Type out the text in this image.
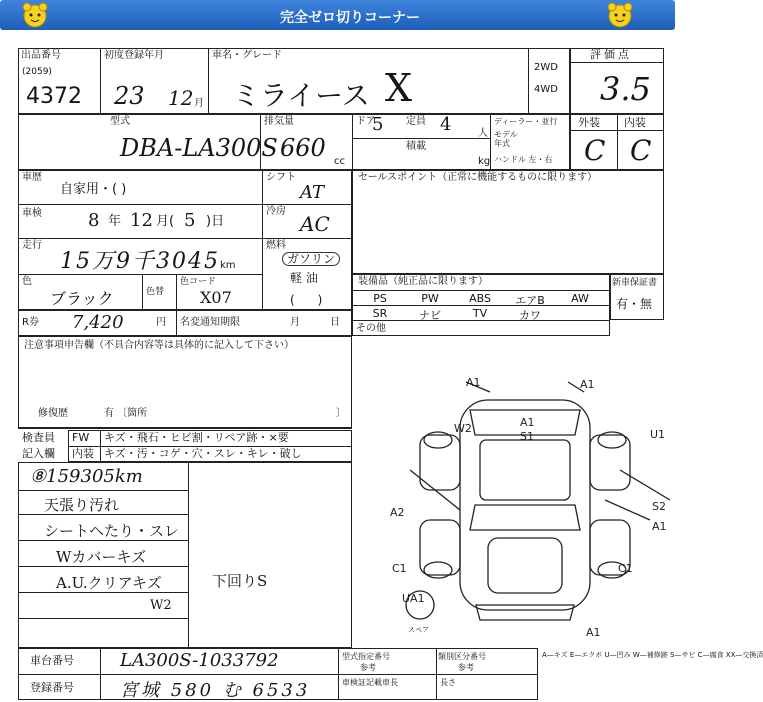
完全ゼロ切りコーナー
出品番号
(2059)
4372
初度登録年月
23 12 月
車名・グレード
ミライース X	2WD
4WD
評価点
3.5
型式
DBA-LA300S
排気量
660 cc
ドア
5 定員 4	人
積載
kg
ディーラー・並行
モデル 年式
ハンドル 左・右
外装 内装
C C
車歴
自家用・( )
シフト
AT
車検	8 年 12 月( 5 )日
冷房
AC
走行
15万9千3045 km
燃料
ガソリン
軽 油
(      )
色
ブラック	色替
色コード
X07
R券 7,420	円 名変通知期限	月	日
セールスポイント（正常に機能するものに限ります）
装備品（純正品に限ります）
PS	PW	ABS	エアB	AW
SR	ナビ	TV	カワ
その他
新車保証書
有・無
注意事項申告欄（不具合内容等は具体的に記入して下さい）
修復歴	有 〔箇所	〕
検査員
記入欄
FW キズ・飛石・ヒビ割・リペア跡・×要
内装 キズ・汚・コゲ・穴・スレ・キレ・破し
⑧159305km
天張り汚れ
シートヘたり・スレ
Wカバーキズ
A.U.クリアキズ
W2
下回りS
車台番号	LA300S-1033792
登録番号	宮城 580 む 6533
型式指定番号
参考
車検証記載車長
類別区分番号
参考
長さ
A1	A1
A1
S1
W2	U1
A2	S2
A1
C1	C1
UA1
A1
スペア
A—キズ E—エクボ U—凹み W—補修跡 S—サビ C—腐食 XX—交換済
